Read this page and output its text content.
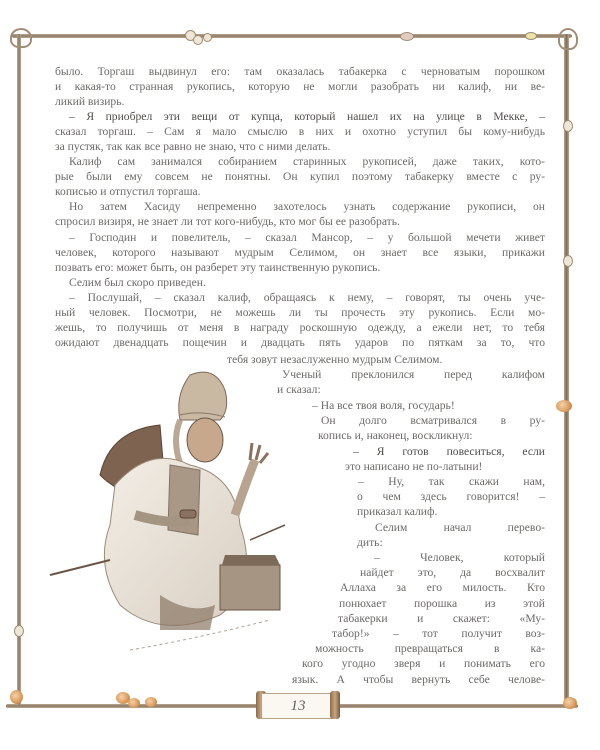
было. Торгаш выдвинул его: там оказалась табакерка с черноватым порошком
и какая-то странная рукопись, которую не могли разобрать ни калиф, ни ве-
ликий визирь.
– Я приобрел эти вещи от купца, который нашел их на улице в Мекке, –
сказал торгаш. – Сам я мало смыслю в них и охотно уступил бы кому-нибудь
за пустяк, так как все равно не знаю, что с ними делать.
Калиф сам занимался собиранием старинных рукописей, даже таких, кото-
рые были ему совсем не понятны. Он купил поэтому табакерку вместе с ру-
кописью и отпустил торгаша.
Но затем Хасиду непременно захотелось узнать содержание рукописи, он
спросил визиря, не знает ли тот кого-нибудь, кто мог бы ее разобрать.
– Господин и повелитель, – сказал Мансор, – у большой мечети живет
человек, которого называют мудрым Селимом, он знает все языки, прикажи
позвать его: может быть, он разберет эту таинственную рукопись.
Селим был скоро приведен.
– Послушай, – сказал калиф, обращаясь к нему, – говорят, ты очень уче-
ный человек. Посмотри, не можешь ли ты прочесть эту рукопись. Если мо-
жешь, то получишь от меня в награду роскошную одежду, а ежели нет, то тебя
ожидают двенадцать пощечин и двадцать пять ударов по пяткам за то, что
тебя зовут незаслуженно мудрым Селимом.
Ученый преклонился перед калифом
и сказал:
– На все твоя воля, государь!
Он долго всматривался в ру-
копись и, наконец, воскликнул:
– Я готов повеситься, если
это написано не по-латыни!
– Ну, так скажи нам,
о чем здесь говорится! –
приказал калиф.
Селим начал перево-
дить:
– Человек, который
найдет это, да восхвалит
Аллаха за его милость. Кто
понюхает порошка из этой
табакерки и скажет: «Му-
табор!» – тот получит воз-
можность превращаться в ка-
кого угодно зверя и понимать его
язык. А чтобы вернуть себе челове-
13
